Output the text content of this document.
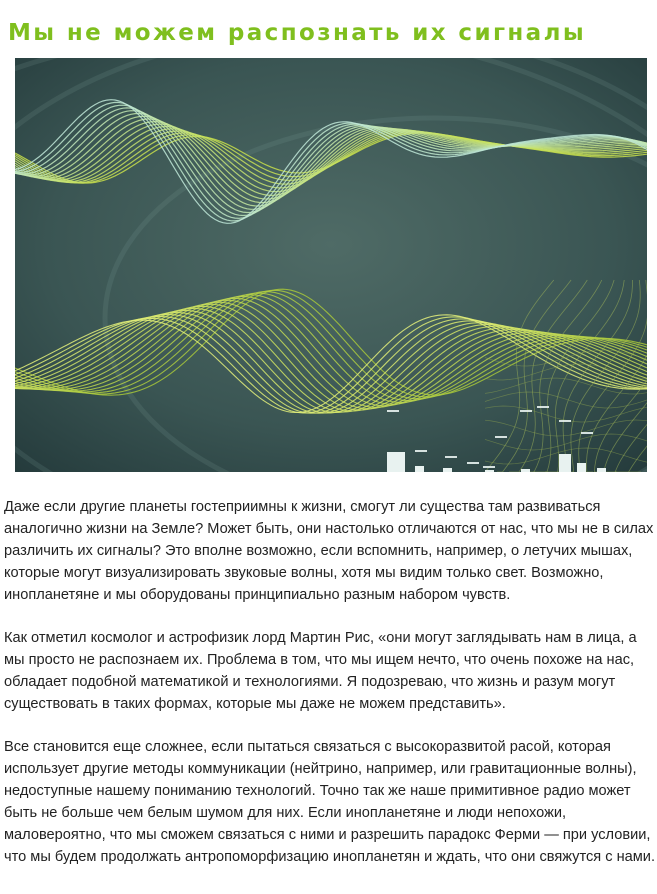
Мы не можем распознать их сигналы

Даже если другие планеты гостеприимны к жизни, смогут ли существа там развиваться аналогично жизни на Земле? Может быть, они настолько отличаются от нас, что мы не в силах различить их сигналы? Это вполне возможно, если вспомнить, например, о летучих мышах, которые могут визуализировать звуковые волны, хотя мы видим только свет. Возможно, инопланетяне и мы оборудованы принципиально разным набором чувств.

Как отметил космолог и астрофизик лорд Мартин Рис, «они могут заглядывать нам в лица, а мы просто не распознаем их. Проблема в том, что мы ищем нечто, что очень похоже на нас, обладает подобной математикой и технологиями. Я подозреваю, что жизнь и разум могут существовать в таких формах, которые мы даже не можем представить».

Все становится еще сложнее, если пытаться связаться с высокоразвитой расой, которая использует другие методы коммуникации (нейтрино, например, или гравитационные волны), недоступные нашему пониманию технологий. Точно так же наше примитивное радио может быть не больше чем белым шумом для них. Если инопланетяне и люди непохожи, маловероятно, что мы сможем связаться с ними и разрешить парадокс Ферми — при условии, что мы будем продолжать антропоморфизацию инопланетян и ждать, что они свяжутся с нами.
